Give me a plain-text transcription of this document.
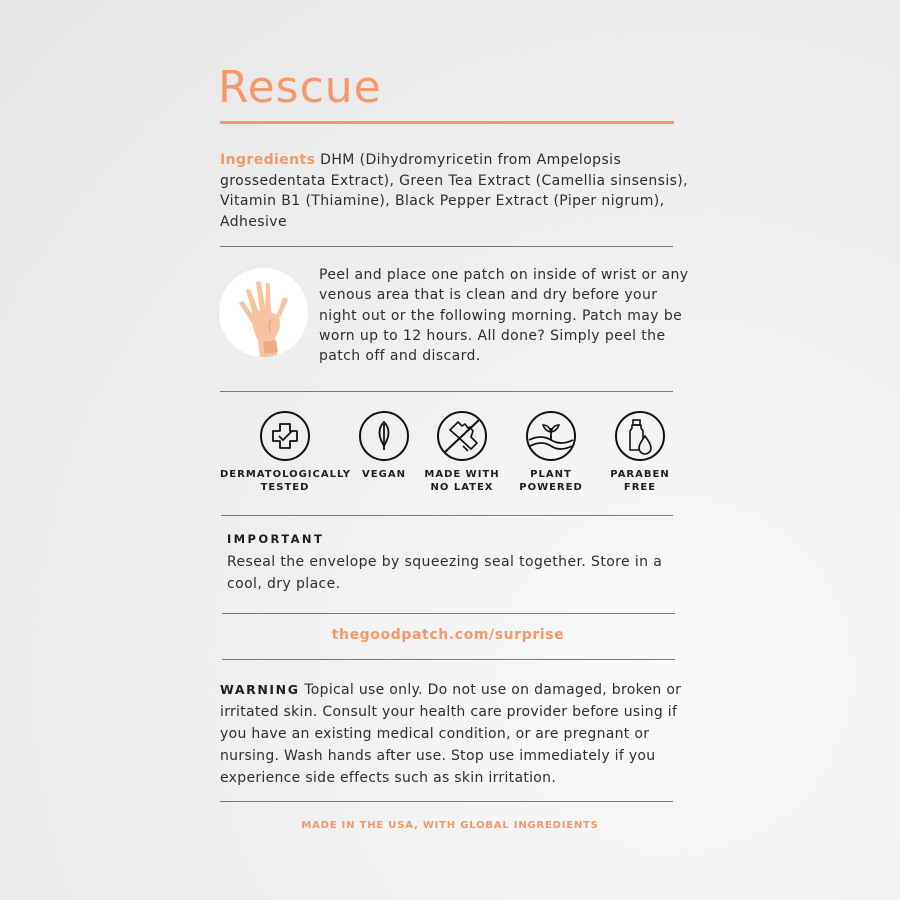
Rescue
Ingredients DHM (Dihydromyricetin from Ampelopsis grossedentata Extract), Green Tea Extract (Camellia sinsensis), Vitamin B1 (Thiamine), Black Pepper Extract (Piper nigrum), Adhesive
Peel and place one patch on inside of wrist or any venous area that is clean and dry before your night out or the following morning. Patch may be worn up to 12 hours. All done? Simply peel the patch off and discard.
DERMATOLOGICALLY
TESTED
VEGAN	MADE WITH
NO LATEX
PLANT
POWERED
PARABEN
FREE
IMPORTANT
Reseal the envelope by squeezing seal together. Store in a cool, dry place.
thegoodpatch.com/surprise
WARNING Topical use only. Do not use on damaged, broken or irritated skin. Consult your health care provider before using if you have an existing medical condition, or are pregnant or nursing. Wash hands after use. Stop use immediately if you experience side effects such as skin irritation.
MADE IN THE USA, WITH GLOBAL INGREDIENTS
